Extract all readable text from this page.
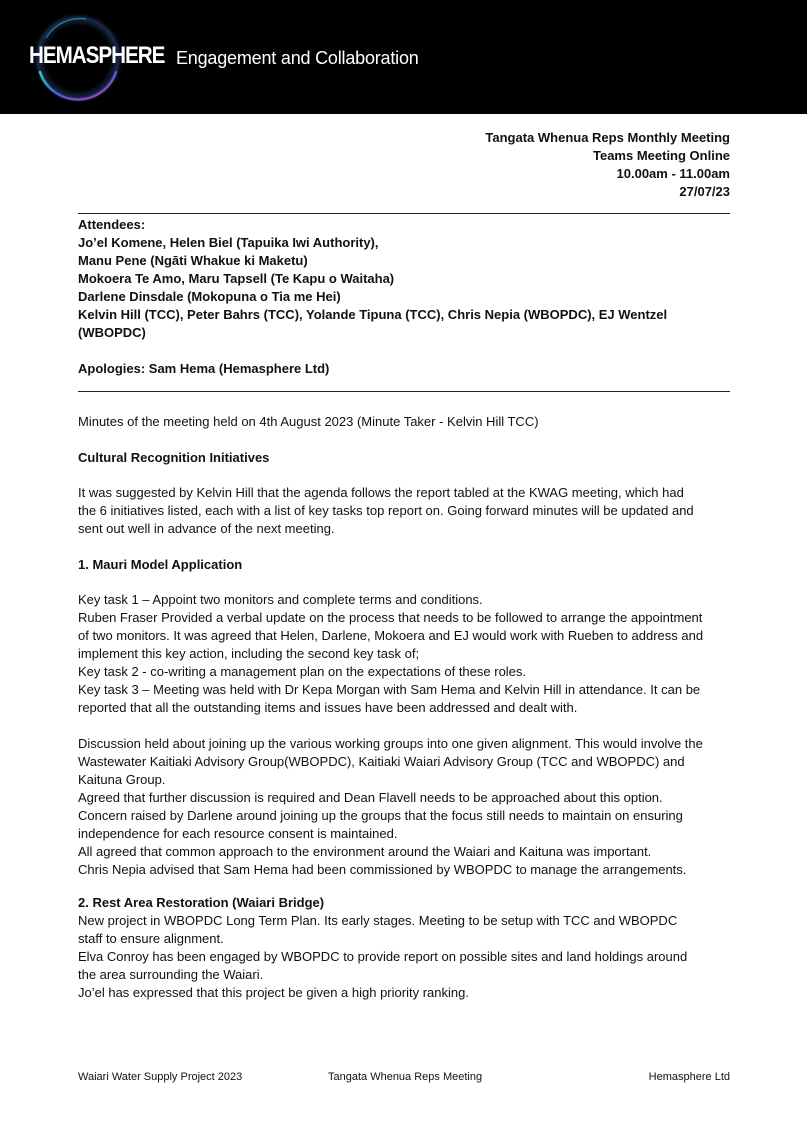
HEMASPHERE Engagement and Collaboration
Tangata Whenua Reps Monthly Meeting
Teams Meeting Online
10.00am - 11.00am
27/07/23
Attendees:
Jo’el Komene, Helen Biel (Tapuika Iwi Authority),
Manu Pene (Ngāti Whakue ki Maketu)
Mokoera Te Amo, Maru Tapsell (Te Kapu o Waitaha)
Darlene Dinsdale (Mokopuna o Tia me Hei)
Kelvin Hill (TCC), Peter Bahrs (TCC), Yolande Tipuna (TCC), Chris Nepia (WBOPDC), EJ Wentzel
(WBOPDC)
Apologies: Sam Hema (Hemasphere Ltd)
Minutes of the meeting held on 4th August 2023 (Minute Taker - Kelvin Hill TCC)
Cultural Recognition Initiatives
It was suggested by Kelvin Hill that the agenda follows the report tabled at the KWAG meeting, which had
the 6 initiatives listed, each with a list of key tasks top report on. Going forward minutes will be updated and
sent out well in advance of the next meeting.
1. Mauri Model Application
Key task 1 – Appoint two monitors and complete terms and conditions.
Ruben Fraser Provided a verbal update on the process that needs to be followed to arrange the appointment
of two monitors. It was agreed that Helen, Darlene, Mokoera and EJ would work with Rueben to address and
implement this key action, including the second key task of;
Key task 2 - co-writing a management plan on the expectations of these roles.
Key task 3 – Meeting was held with Dr Kepa Morgan with Sam Hema and Kelvin Hill in attendance. It can be
reported that all the outstanding items and issues have been addressed and dealt with.
Discussion held about joining up the various working groups into one given alignment. This would involve the
Wastewater Kaitiaki Advisory Group(WBOPDC), Kaitiaki Waiari Advisory Group (TCC and WBOPDC) and
Kaituna Group.
Agreed that further discussion is required and Dean Flavell needs to be approached about this option.
Concern raised by Darlene around joining up the groups that the focus still needs to maintain on ensuring
independence for each resource consent is maintained.
All agreed that common approach to the environment around the Waiari and Kaituna was important.
Chris Nepia advised that Sam Hema had been commissioned by WBOPDC to manage the arrangements.
2. Rest Area Restoration (Waiari Bridge)
New project in WBOPDC Long Term Plan. Its early stages. Meeting to be setup with TCC and WBOPDC
staff to ensure alignment.
Elva Conroy has been engaged by WBOPDC to provide report on possible sites and land holdings around
the area surrounding the Waiari.
Jo’el has expressed that this project be given a high priority ranking.
Waiari Water Supply Project 2023	Tangata Whenua Reps Meeting	Hemasphere Ltd
